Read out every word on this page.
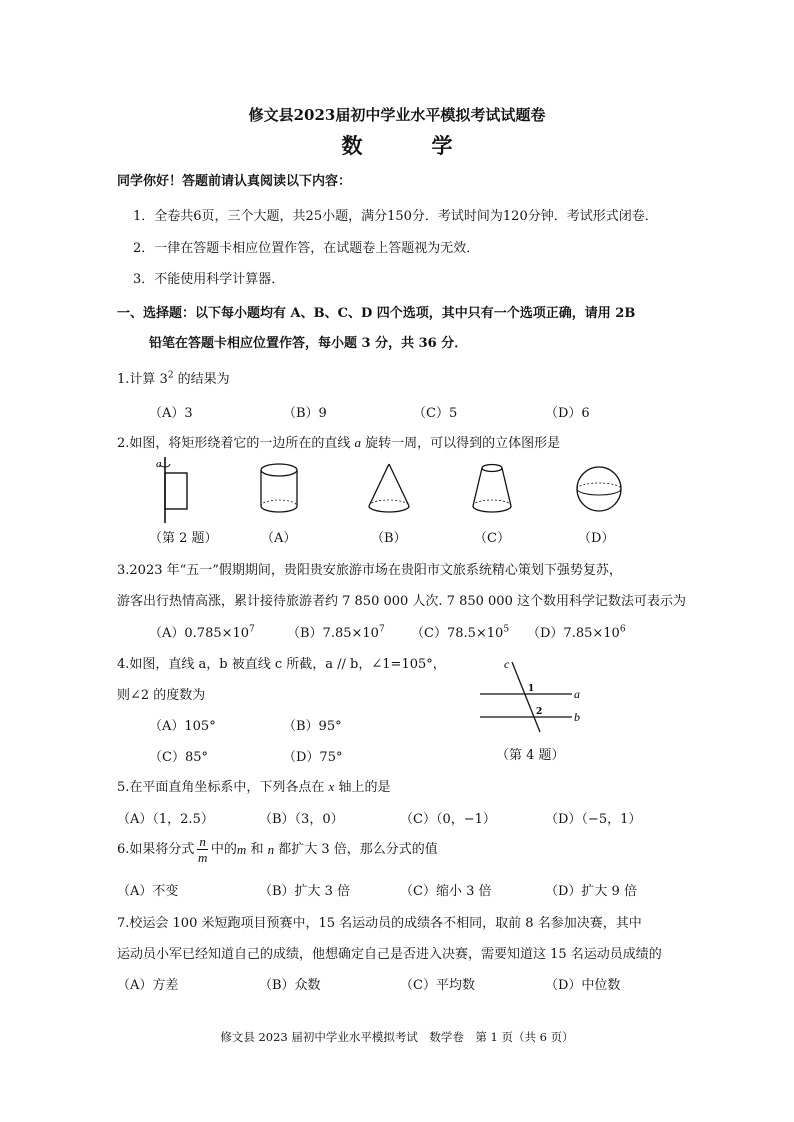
修文县2023届初中学业水平模拟考试试题卷
数　学
同学你好！答题前请认真阅读以下内容：
1．全卷共6页，三个大题，共25小题，满分150分．考试时间为120分钟．考试形式闭卷．
2．一律在答题卡相应位置作答，在试题卷上答题视为无效．
3．不能使用科学计算器．
一、选择题：以下每小题均有 A、B、C、D 四个选项，其中只有一个选项正确，请用 2B
铅笔在答题卡相应位置作答，每小题 3 分，共 36 分．
1.计算 $3^2$ 的结果为
（A）3	（B）9	（C）5	（D）6
2.如图，将矩形绕着它的一边所在的直线 a 旋转一周，可以得到的立体图形是
a
（第 2 题）	（A）	（B）	（C）	（D）
3.2023 年“五一”假期期间，贵阳贵安旅游市场在贵阳市文旅系统精心策划下强势复苏，
游客出行热情高涨，累计接待旅游者约 7 850 000 人次. 7 850 000 这个数用科学记数法可表示为
$(A)0.785\times 10^7$ $(B)7.85\times 10^7$ $(C)78.5\times 10^5$ $(D)7.85\times 10^6$
4.如图，直线 a，b 被直线 c 所截，a // b，∠1=105°，
则∠2 的度数为
（A）105°	（B）95°
（C）85°	（D）75°
c
a
b
1
2
（第 4 题）
5.在平面直角坐标系中，下列各点在 x 轴上的是
（A）（1，2.5）	（B）（3，0）	（C）（0，−1）	（D）（−5，1）
6.如果将分式 $\frac{n}{m}$ 中的m 和 n 都扩大 3 倍，那么分式的值
（A）不变	（B）扩大 3 倍	（C）缩小 3 倍	（D）扩大 9 倍
7.校运会 100 米短跑项目预赛中，15 名运动员的成绩各不相同，取前 8 名参加决赛，其中
运动员小军已经知道自己的成绩，他想确定自己是否进入决赛，需要知道这 15 名运动员成绩的
（A）方差	（B）众数	（C）平均数	（D）中位数
修文县 2023 届初中学业水平模拟考试　数学卷　第 1 页（共 6 页）
